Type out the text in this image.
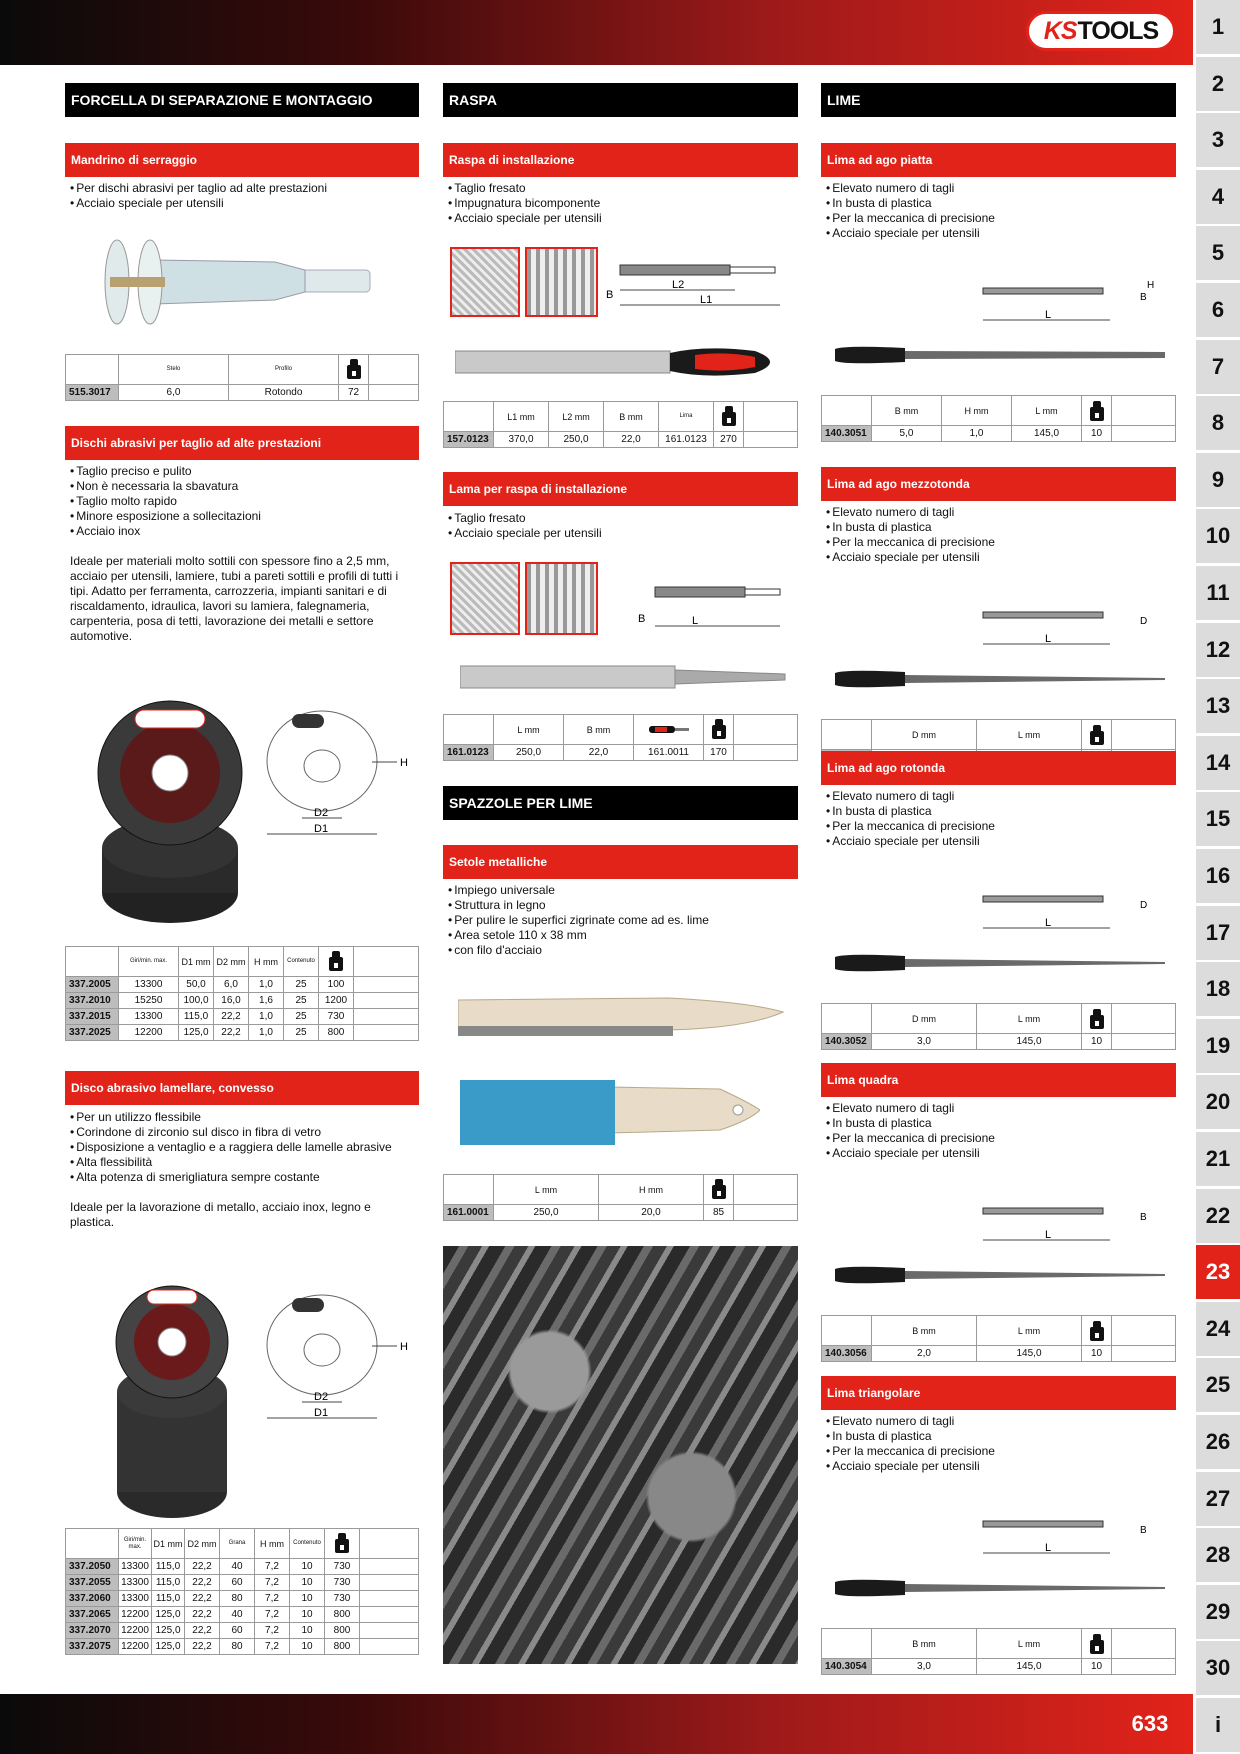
KS TOOLS
633
1
2
3
4
5
6
7
8
9
10
11
12
13
14
15
16
17
18
19
20
21
22
23
24
25
26
27
28
29
30
i
FORCELLA DI SEPARAZIONE E MONTAGGIO
Mandrino di serraggio
• Per dischi abrasivi per taglio ad alte prestazioni
• Acciaio speciale per utensili
	Stelo	Profilo		
515.3017	6,0	Rotondo	72	
Dischi abrasivi per taglio ad alte prestazioni
• Taglio preciso e pulito
• Non è necessaria la sbavatura
• Taglio molto rapido
• Minore esposizione a sollecitazioni
• Acciaio inox
Ideale per materiali molto sottili con spessore fino a 2,5 mm, acciaio per utensili, lamiere, tubi a pareti sottili e profili di tutti i tipi. Adatto per ferramenta, carrozzeria, impianti sanitari e di riscaldamento, idraulica, lavori su lamiera, falegnameria, carpenteria, posa di tetti, lavorazione dei metalli e settore automotive.
H
D2
D1
	Giri/min. max.	D1 mm	D2 mm	H mm	Contenuto		
337.2005	13300	50,0	6,0	1,0	25	100	
337.2010	15250	100,0	16,0	1,6	25	1200	
337.2015	13300	115,0	22,2	1,0	25	730	
337.2025	12200	125,0	22,2	1,0	25	800	
Disco abrasivo lamellare, convesso
• Per un utilizzo flessibile
• Corindone di zirconio sul disco in fibra di vetro
• Disposizione a ventaglio e a raggiera delle lamelle abrasive
• Alta flessibilità
• Alta potenza di smerigliatura sempre costante
Ideale per la lavorazione di metallo, acciaio inox, legno e plastica.
H
D2
D1
	Giri/min. max.	D1 mm	D2 mm	Grana	H mm	Contenuto		
337.2050	13300	115,0	22,2	40	7,2	10	730	
337.2055	13300	115,0	22,2	60	7,2	10	730	
337.2060	13300	115,0	22,2	80	7,2	10	730	
337.2065	12200	125,0	22,2	40	7,2	10	800	
337.2070	12200	125,0	22,2	60	7,2	10	800	
337.2075	12200	125,0	22,2	80	7,2	10	800	
RASPA
Raspa di installazione
• Taglio fresato
• Impugnatura bicomponente
• Acciaio speciale per utensili
L2
L1
B
	L1 mm	L2 mm	B mm	Lima		
157.0123	370,0	250,0	22,0	161.0123	270	
Lama per raspa di installazione
• Taglio fresato
• Acciaio speciale per utensili
L
B
	L mm	B mm			
161.0123	250,0	22,0	161.0011	170	
SPAZZOLE PER LIME
Setole metalliche
• Impiego universale
• Struttura in legno
• Per pulire le superfici zigrinate come ad es. lime
• Area setole 110 x 38 mm
• con filo d'acciaio
	L mm	H mm		
161.0001	250,0	20,0	85	
LIME
Lima ad ago piatta
• Elevato numero di tagli
• In busta di plastica
• Per la meccanica di precisione
• Acciaio speciale per utensili
L
B
H
	B mm	H mm	L mm		
140.3051	5,0	1,0	145,0	10	
Lima ad ago mezzotonda
• Elevato numero di tagli
• In busta di plastica
• Per la meccanica di precisione
• Acciaio speciale per utensili
L
D
	D mm	L mm		

Lima ad ago rotonda
• Elevato numero di tagli
• In busta di plastica
• Per la meccanica di precisione
• Acciaio speciale per utensili
L
D
	D mm	L mm		
140.3052	3,0	145,0	10	
Lima quadra
• Elevato numero di tagli
• In busta di plastica
• Per la meccanica di precisione
• Acciaio speciale per utensili
L
B
	B mm	L mm		
140.3056	2,0	145,0	10	
Lima triangolare
• Elevato numero di tagli
• In busta di plastica
• Per la meccanica di precisione
• Acciaio speciale per utensili
L
B
	B mm	L mm		
140.3054	3,0	145,0	10	
